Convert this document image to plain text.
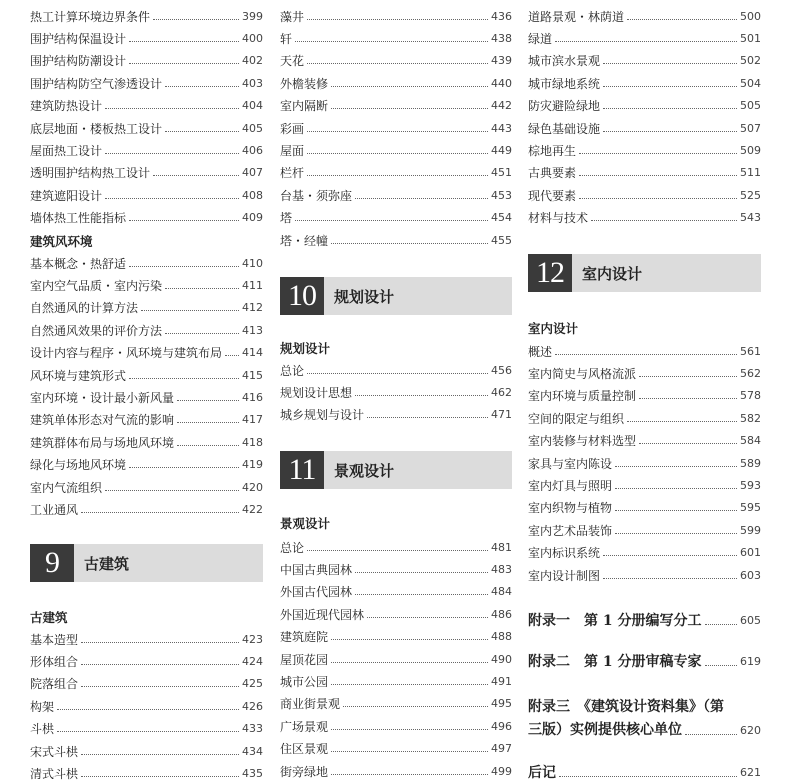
热工计算环境边界条件	399
围护结构保温设计	400
围护结构防潮设计	402
围护结构防空气渗透设计	403
建筑防热设计	404
底层地面・楼板热工设计	405
屋面热工设计	406
透明围护结构热工设计	407
建筑遮阳设计	408
墙体热工性能指标	409
建筑风环境
基本概念・热舒适	410
室内空气品质・室内污染	411
自然通风的计算方法	412
自然通风效果的评价方法	413
设计内容与程序・风环境与建筑布局 414
风环境与建筑形式	415
室内环境・设计最小新风量	416
建筑单体形态对气流的影响	417
建筑群体布局与场地风环境	418
绿化与场地风环境	419
室内气流组织	420
工业通风	422
9	古建筑
古建筑
基本造型	423
形体组合	424
院落组合	425
构架	426
斗栱	433
宋式斗栱	434
清式斗栱	435
藻井	436
轩	438
天花	439
外檐装修	440
室内隔断	442
彩画	443
屋面	449
栏杆	451
台基・须弥座	453
塔	454
塔・经幢	455
10	规划设计
规划设计
总论	456
规划设计思想	462
城乡规划与设计	471
11	景观设计
景观设计
总论	481
中国古典园林	483
外国古代园林	484
外国近现代园林	486
建筑庭院	488
屋顶花园	490
城市公园	491
商业街景观	495
广场景观	496
住区景观	497
街旁绿地	499
道路景观・林荫道	500
绿道	501
城市滨水景观	502
城市绿地系统	504
防灾避险绿地	505
绿色基础设施	507
棕地再生	509
古典要素	511
现代要素	525
材料与技术	543
12	室内设计
室内设计
概述	561
室内简史与风格流派	562
室内环境与质量控制	578
空间的限定与组织	582
室内装修与材料选型	584
家具与室内陈设	589
室内灯具与照明	593
室内织物与植物	595
室内艺术品装饰	599
室内标识系统	601
室内设计制图	603
附录一　第 1 分册编写分工	605
附录二　第 1 分册审稿专家	619
附录三　《建筑设计资料集》（第
三版）实例提供核心单位	620
后记	621
